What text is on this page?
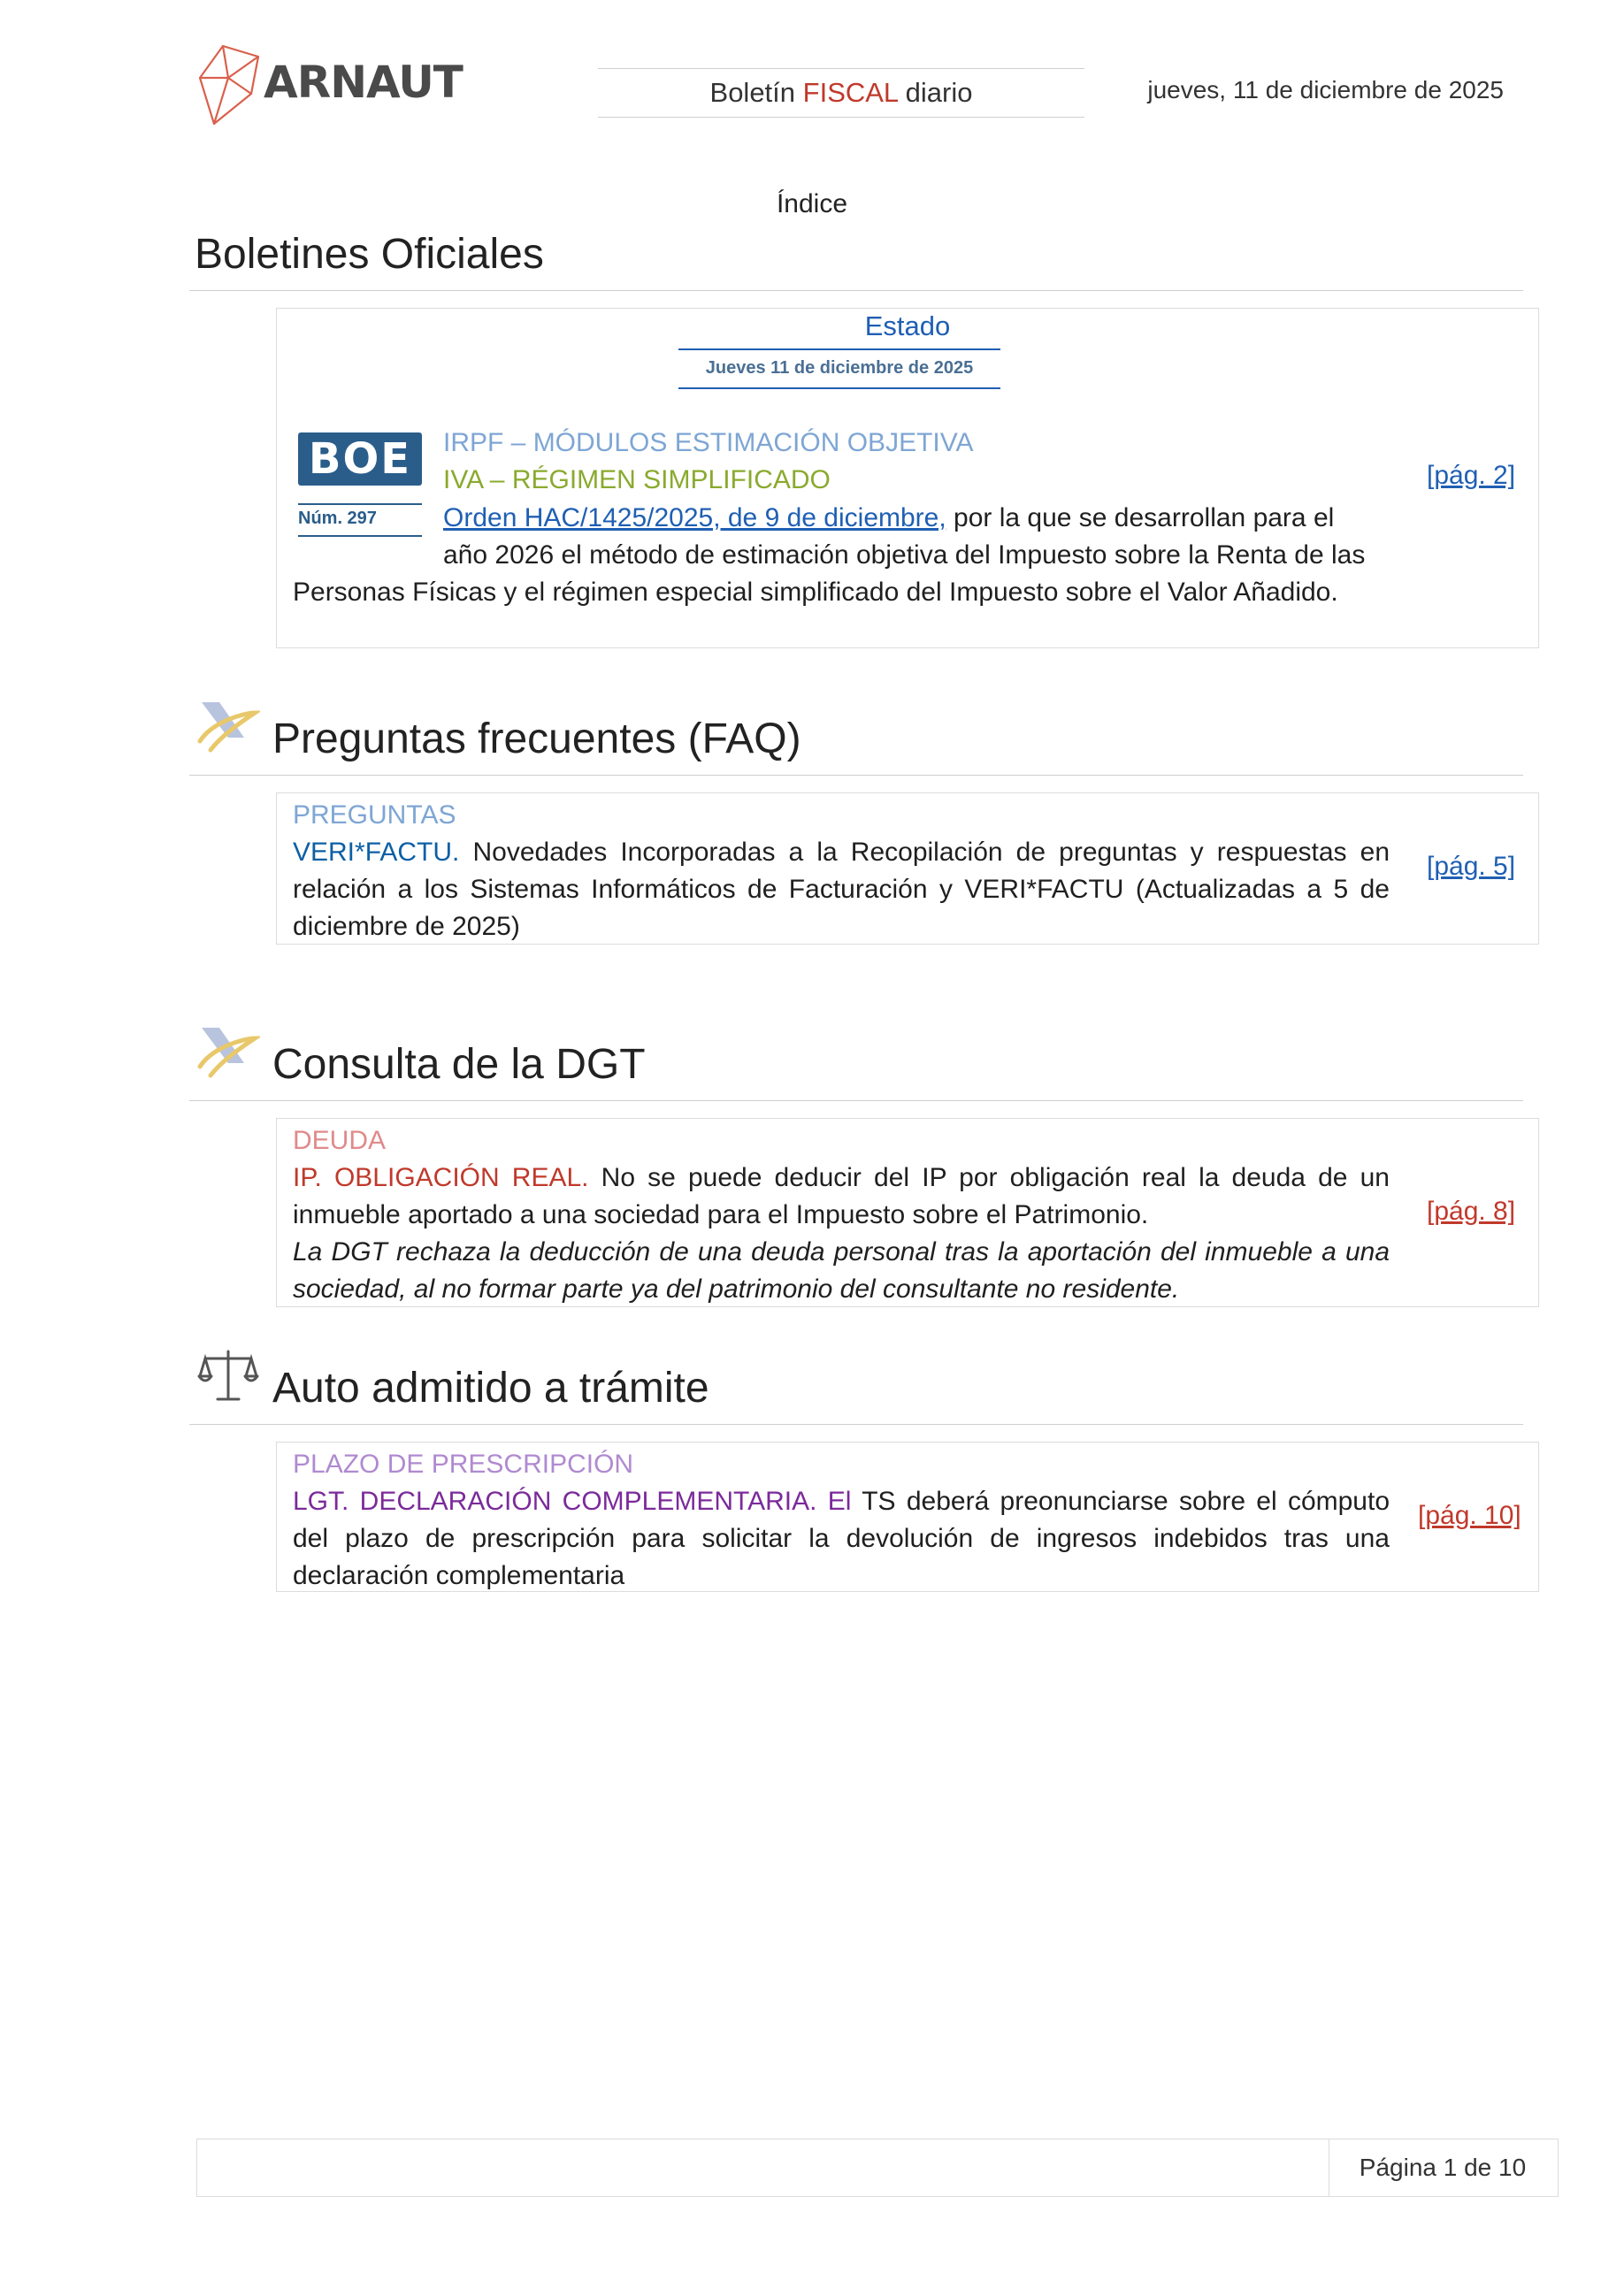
ARNAUT	Boletín FISCAL diario	jueves, 11 de diciembre de 2025
Índice
Boletines Oficiales
Estado
Jueves 11 de diciembre de 2025
BOE
Núm. 297
IRPF – MÓDULOS ESTIMACIÓN OBJETIVA
IVA – RÉGIMEN SIMPLIFICADO
Orden HAC/1425/2025, de 9 de diciembre, por la que se desarrollan para el
año 2026 el método de estimación objetiva del Impuesto sobre la Renta de las
Personas Físicas y el régimen especial simplificado del Impuesto sobre el Valor Añadido.
[pág. 2]
Preguntas frecuentes (FAQ)
PREGUNTAS
VERI*FACTU. Novedades Incorporadas a la Recopilación de preguntas y respuestas en relación a los Sistemas Informáticos de Facturación y VERI*FACTU (Actualizadas a 5 de diciembre de 2025)
[pág. 5]
Consulta de la DGT
DEUDA
IP. OBLIGACIÓN REAL. No se puede deducir del IP por obligación real la deuda de un inmueble aportado a una sociedad para el Impuesto sobre el Patrimonio.
La DGT rechaza la deducción de una deuda personal tras la aportación del inmueble a una sociedad, al no formar parte ya del patrimonio del consultante no residente.
[pág. 8]
Auto admitido a trámite
PLAZO DE PRESCRIPCIÓN
LGT. DECLARACIÓN COMPLEMENTARIA. El TS deberá preonunciarse sobre el cómputo del plazo de prescripción para solicitar la devolución de ingresos indebidos tras una declaración complementaria
[pág. 10]
Página 1 de 10
